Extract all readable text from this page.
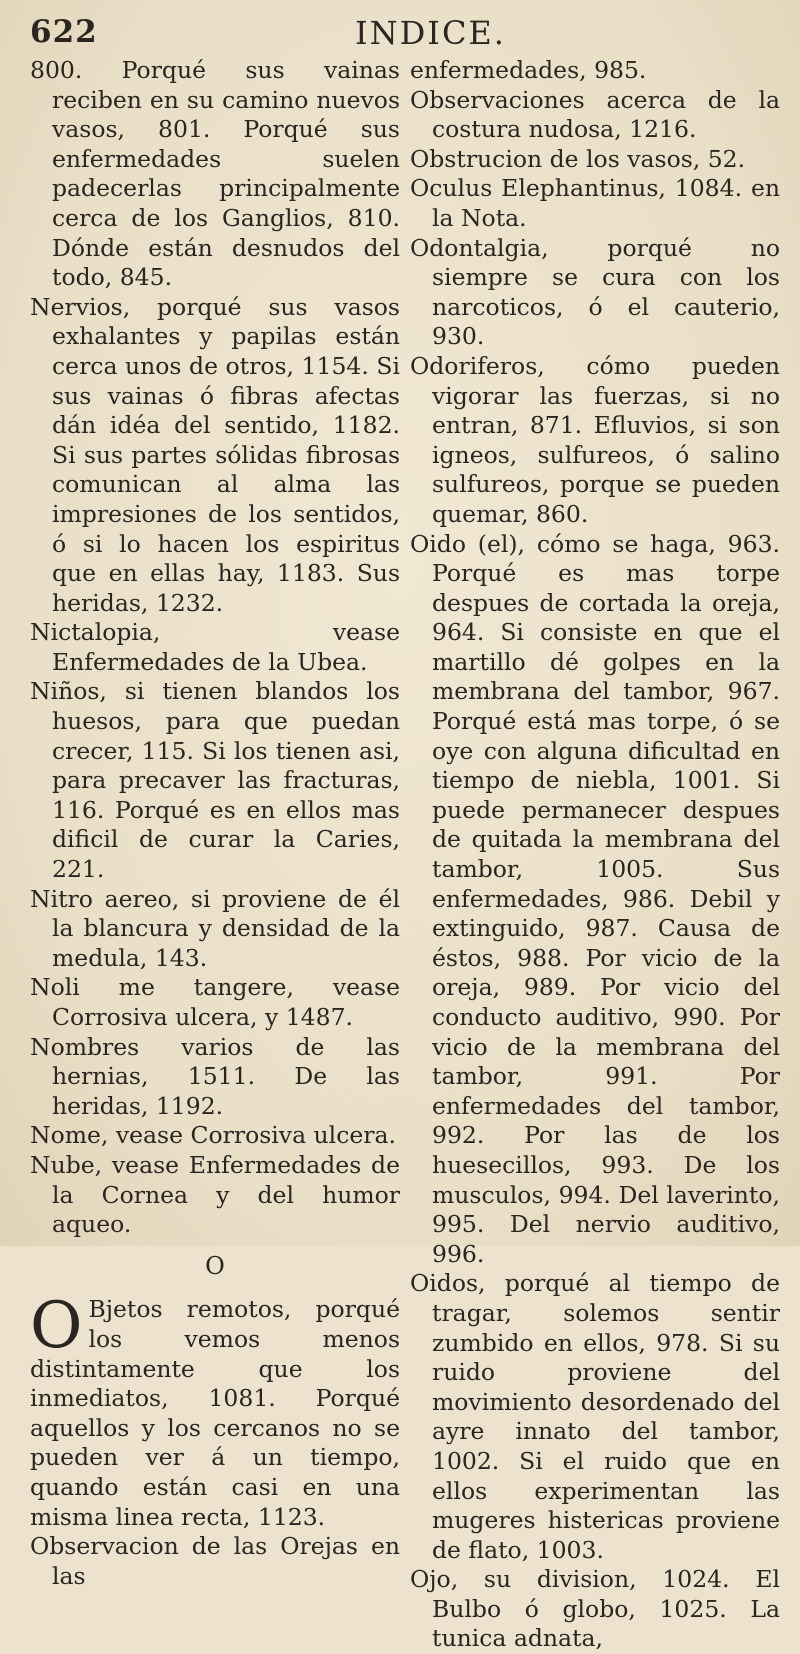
622	INDICE.

800. Porqué sus vainas reciben en su camino nuevos vasos, 801. Porqué sus enfermedades suelen padecerlas principalmente cerca de los Ganglios, 810. Dónde están desnudos del todo, 845.

Nervios, porqué sus vasos exhalantes y papilas están cerca unos de otros, 1154. Si sus vainas ó fibras afectas dán idéa del sentido, 1182. Si sus partes sólidas fibrosas comunican al alma las impresiones de los sentidos, ó si lo hacen los espiritus que en ellas hay, 1183. Sus heridas, 1232.

Nictalopia, vease Enfermedades de la Ubea.

Niños, si tienen blandos los huesos, para que puedan crecer, 115. Si los tienen asi, para precaver las fracturas, 116. Porqué es en ellos mas dificil de curar la Caries, 221.

Nitro aereo, si proviene de él la blancura y densidad de la medula, 143.

Noli me tangere, vease Corrosiva ulcera, y 1487.

Nombres varios de las hernias, 1511. De las heridas, 1192.

Nome, vease Corrosiva ulcera.

Nube, vease Enfermedades de la Cornea y del humor aqueo.

O

O Bjetos remotos, porqué los vemos menos distintamente que los inmediatos, 1081. Porqué aquellos y los cercanos no se pueden ver á un tiempo, quando están casi en una misma linea recta, 1123.

Observacion de las Orejas en las

enfermedades, 985.

Observaciones acerca de la costura nudosa, 1216.

Obstrucion de los vasos, 52.

Oculus Elephantinus, 1084. en la Nota.

Odontalgia, porqué no siempre se cura con los narcoticos, ó el cauterio, 930.

Odoriferos, cómo pueden vigorar las fuerzas, si no entran, 871. Efluvios, si son igneos, sulfureos, ó salino sulfureos, porque se pueden quemar, 860.

Oido (el), cómo se haga, 963. Porqué es mas torpe despues de cortada la oreja, 964. Si consiste en que el martillo dé golpes en la membrana del tambor, 967. Porqué está mas torpe, ó se oye con alguna dificultad en tiempo de niebla, 1001. Si puede permanecer despues de quitada la membrana del tambor, 1005. Sus enfermedades, 986. Debil y extinguido, 987. Causa de éstos, 988. Por vicio de la oreja, 989. Por vicio del conducto auditivo, 990. Por vicio de la membrana del tambor, 991. Por enfermedades del tambor, 992. Por las de los huesecillos, 993. De los musculos, 994. Del laverinto, 995. Del nervio auditivo, 996.

Oidos, porqué al tiempo de tragar, solemos sentir zumbido en ellos, 978. Si su ruido proviene del movimiento desordenado del ayre innato del tambor, 1002. Si el ruido que en ellos experimentan las mugeres histericas proviene de flato, 1003.

Ojo, su division, 1024. El Bulbo ó globo, 1025. La tunica adnata,
